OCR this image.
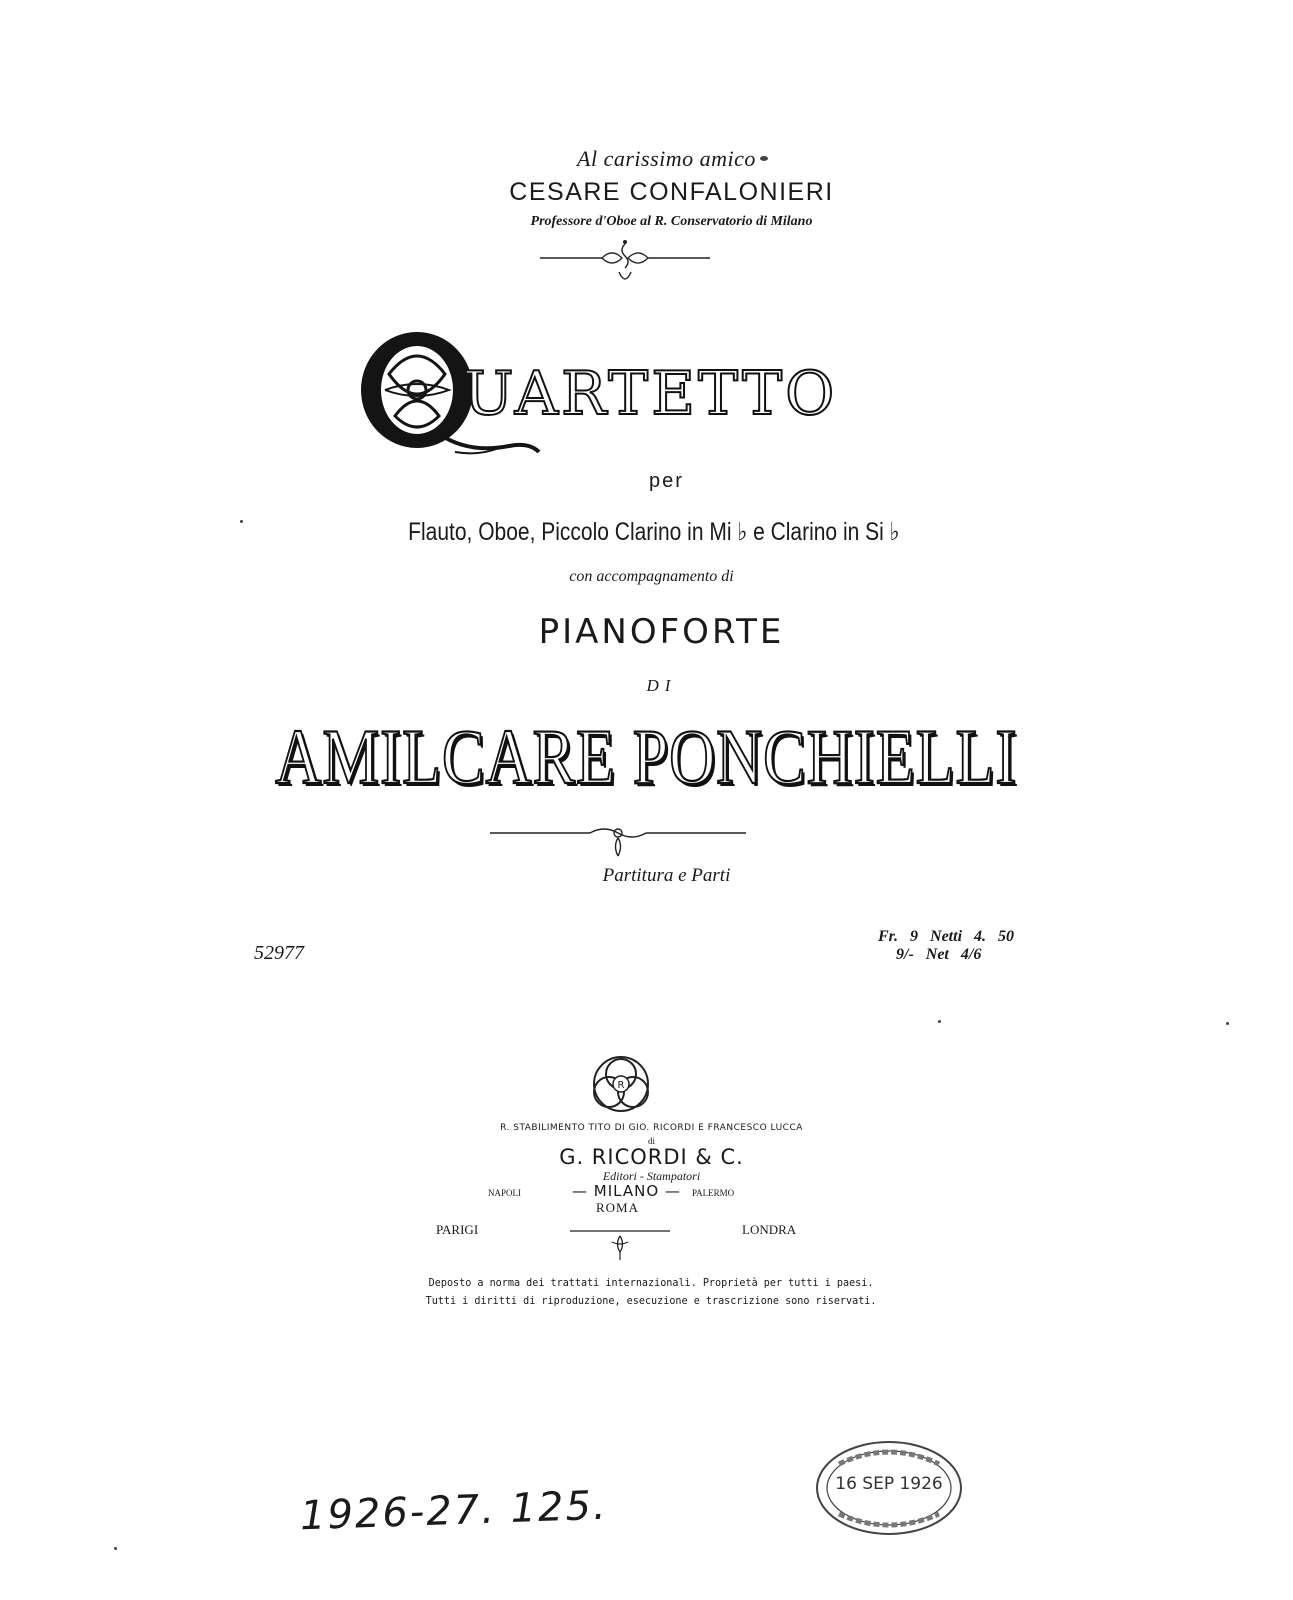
Al carissimo amico
CESARE CONFALONIERI
Professore d'Oboe al R. Conservatorio di Milano
UARTETTO
per
Flauto, Oboe, Piccolo Clarino in Mi ♭ e Clarino in Si ♭
con accompagnamento di
PIANOFORTE
DI
AMILCARE PONCHIELLI
Partitura e Parti
52977
Fr. 9 Netti 4. 50
9/- Net 4/6
R
R. STABILIMENTO TITO DI GIO. RICORDI E FRANCESCO LUCCA
di
G. RICORDI & C.
Editori - Stampatori
NAPOLI	— MILANO — PALERMO
ROMA
PARIGI	LONDRA
Deposto a norma dei trattati internazionali. Proprietà per tutti i paesi.
Tutti i diritti di riproduzione, esecuzione e trascrizione sono riservati.
1926-27. 125.	16 SEP 1926
